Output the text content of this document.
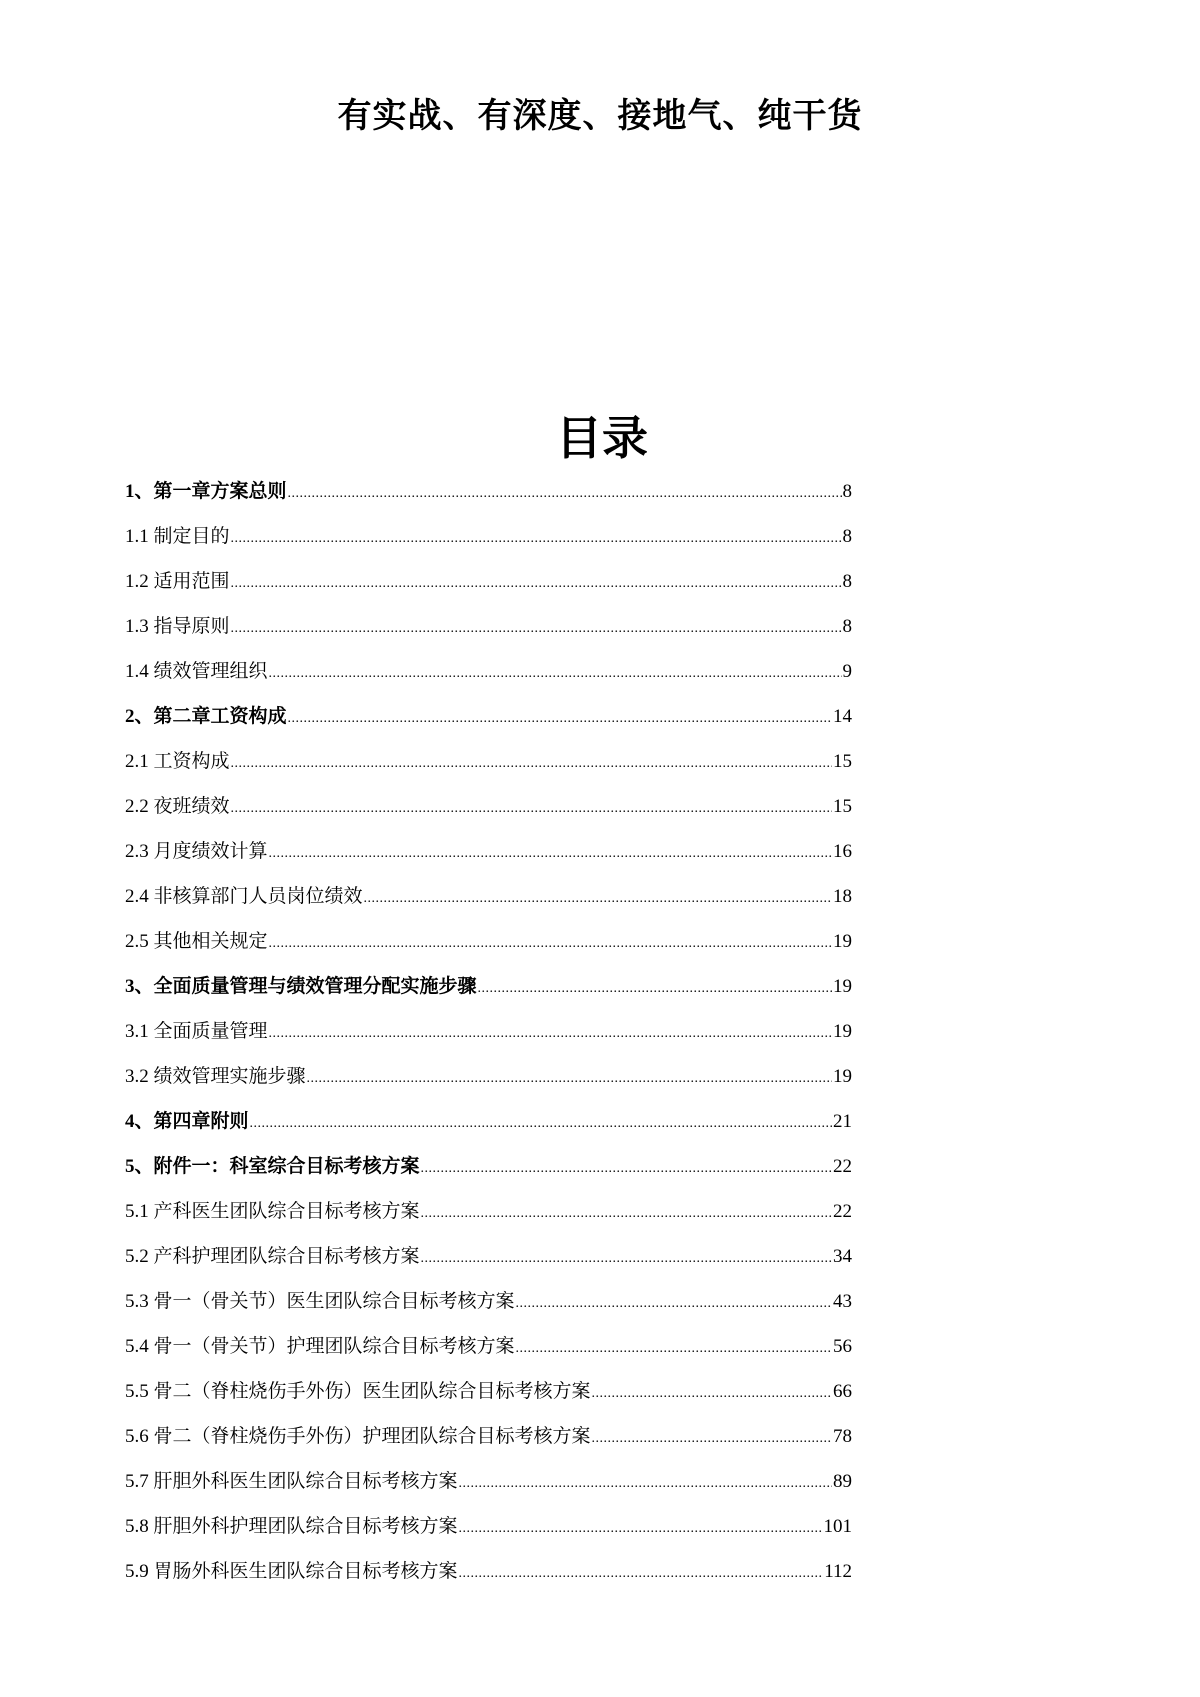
有实战、有深度、接地气、纯干货
目录
1、第一章方案总则 .....	8
1.1 制定目的 .....	8
1.2 适用范围 .....	8
1.3 指导原则 .....	8
1.4 绩效管理组织 .....	9
2、第二章工资构成 .....	14
2.1 工资构成 .....	15
2.2 夜班绩效 .....	15
2.3 月度绩效计算 .....	16
2.4 非核算部门人员岗位绩效 .....	18
2.5 其他相关规定 .....	19
3、全面质量管理与绩效管理分配实施步骤 .....	19
3.1 全面质量管理 .....	19
3.2 绩效管理实施步骤 .....	19
4、第四章附则 .....	21
5、附件一：科室综合目标考核方案 .....	22
5.1 产科医生团队综合目标考核方案 .....	22
5.2 产科护理团队综合目标考核方案 .....	34
5.3 骨一（骨关节）医生团队综合目标考核方案 .....	43
5.4 骨一（骨关节）护理团队综合目标考核方案 .....	56
5.5 骨二（脊柱烧伤手外伤）医生团队综合目标考核方案 .....	66
5.6 骨二（脊柱烧伤手外伤）护理团队综合目标考核方案 .....	78
5.7 肝胆外科医生团队综合目标考核方案 .....	89
5.8 肝胆外科护理团队综合目标考核方案 .....	101
5.9 胃肠外科医生团队综合目标考核方案 .....	112
